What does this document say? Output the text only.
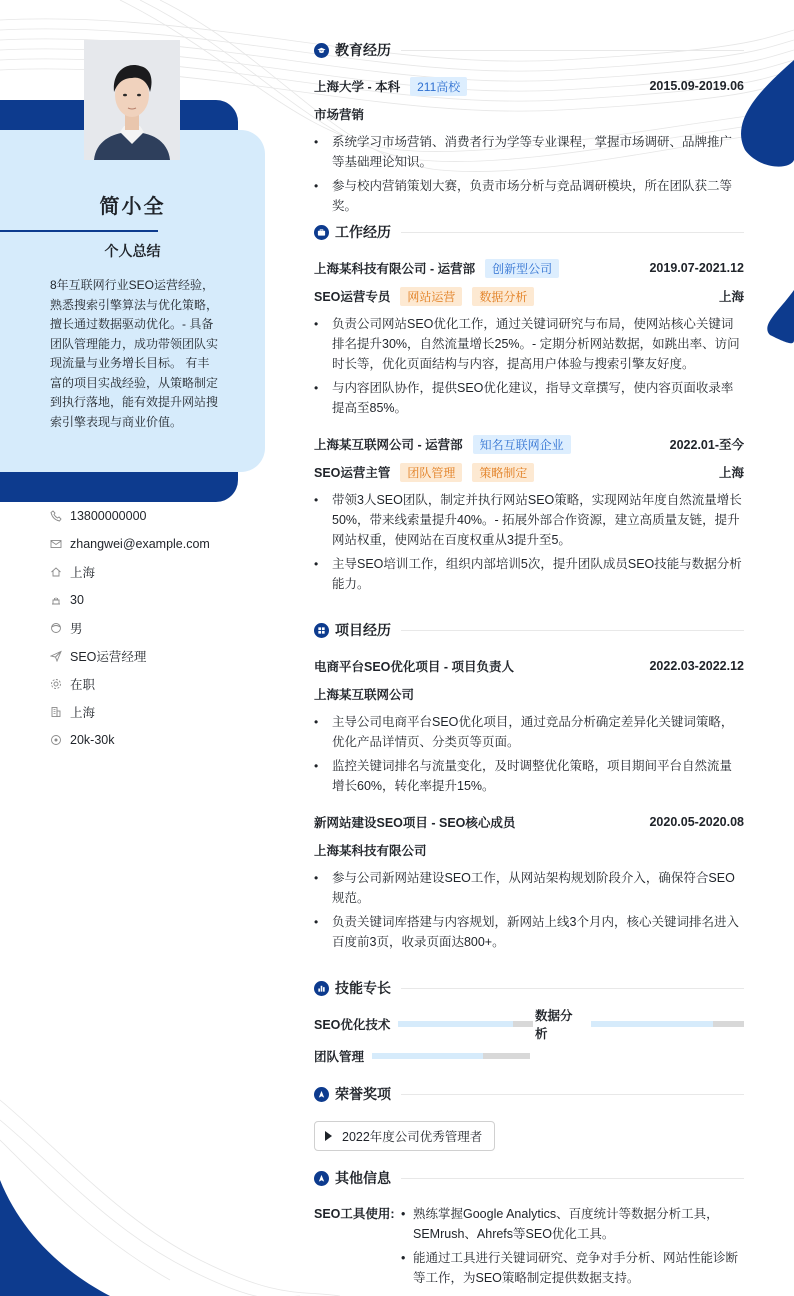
简小全
个人总结
8年互联网行业SEO运营经验，熟悉搜索引擎算法与优化策略，擅长通过数据驱动优化。- 具备团队管理能力，成功带领团队实现流量与业务增长目标。 有丰富的项目实战经验，从策略制定到执行落地，能有效提升网站搜索引擎表现与商业价值。
13800000000
zhangwei@example.com
上海
30
男
SEO运营经理
在职
上海
20k-30k
教育经历
上海大学 - 本科	211高校	2015.09-2019.06
市场营销
• 系统学习市场营销、消费者行为学等专业课程，掌握市场调研、品牌推广等基础理论知识。
• 参与校内营销策划大赛，负责市场分析与竞品调研模块，所在团队获二等奖。
工作经历
上海某科技有限公司 - 运营部	创新型公司	2019.07-2021.12
SEO运营专员	网站运营	数据分析	上海
• 负责公司网站SEO优化工作，通过关键词研究与布局，使网站核心关键词排名提升30%，自然流量增长25%。- 定期分析网站数据，如跳出率、访问时长等，优化页面结构与内容，提高用户体验与搜索引擎友好度。
• 与内容团队协作，提供SEO优化建议，指导文章撰写，使内容页面收录率提高至85%。
上海某互联网公司 - 运营部	知名互联网企业	2022.01-至今
SEO运营主管	团队管理	策略制定	上海
• 带领3人SEO团队，制定并执行网站SEO策略，实现网站年度自然流量增长50%，带来线索量提升40%。- 拓展外部合作资源，建立高质量友链，提升网站权重，使网站在百度权重从3提升至5。
• 主导SEO培训工作，组织内部培训5次，提升团队成员SEO技能与数据分析能力。
项目经历
电商平台SEO优化项目 - 项目负责人	2022.03-2022.12
上海某互联网公司
• 主导公司电商平台SEO优化项目，通过竞品分析确定差异化关键词策略，优化产品详情页、分类页等页面。
• 监控关键词排名与流量变化，及时调整优化策略，项目期间平台自然流量增长60%，转化率提升15%。
新网站建设SEO项目 - SEO核心成员	2020.05-2020.08
上海某科技有限公司
• 参与公司新网站建设SEO工作，从网站架构规划阶段介入，确保符合SEO规范。
• 负责关键词库搭建与内容规划，新网站上线3个月内，核心关键词排名进入百度前3页，收录页面达800+。
技能专长
SEO优化技术
数据分析
团队管理
荣誉奖项
2022年度公司优秀管理者
其他信息
SEO工具使用:
•	熟练掌握Google Analytics、百度统计等数据分析工具，SEMrush、Ahrefs等SEO优化工具。
• 能通过工具进行关键词研究、竞争对手分析、网站性能诊断等工作，为SEO策略制定提供数据支持。
